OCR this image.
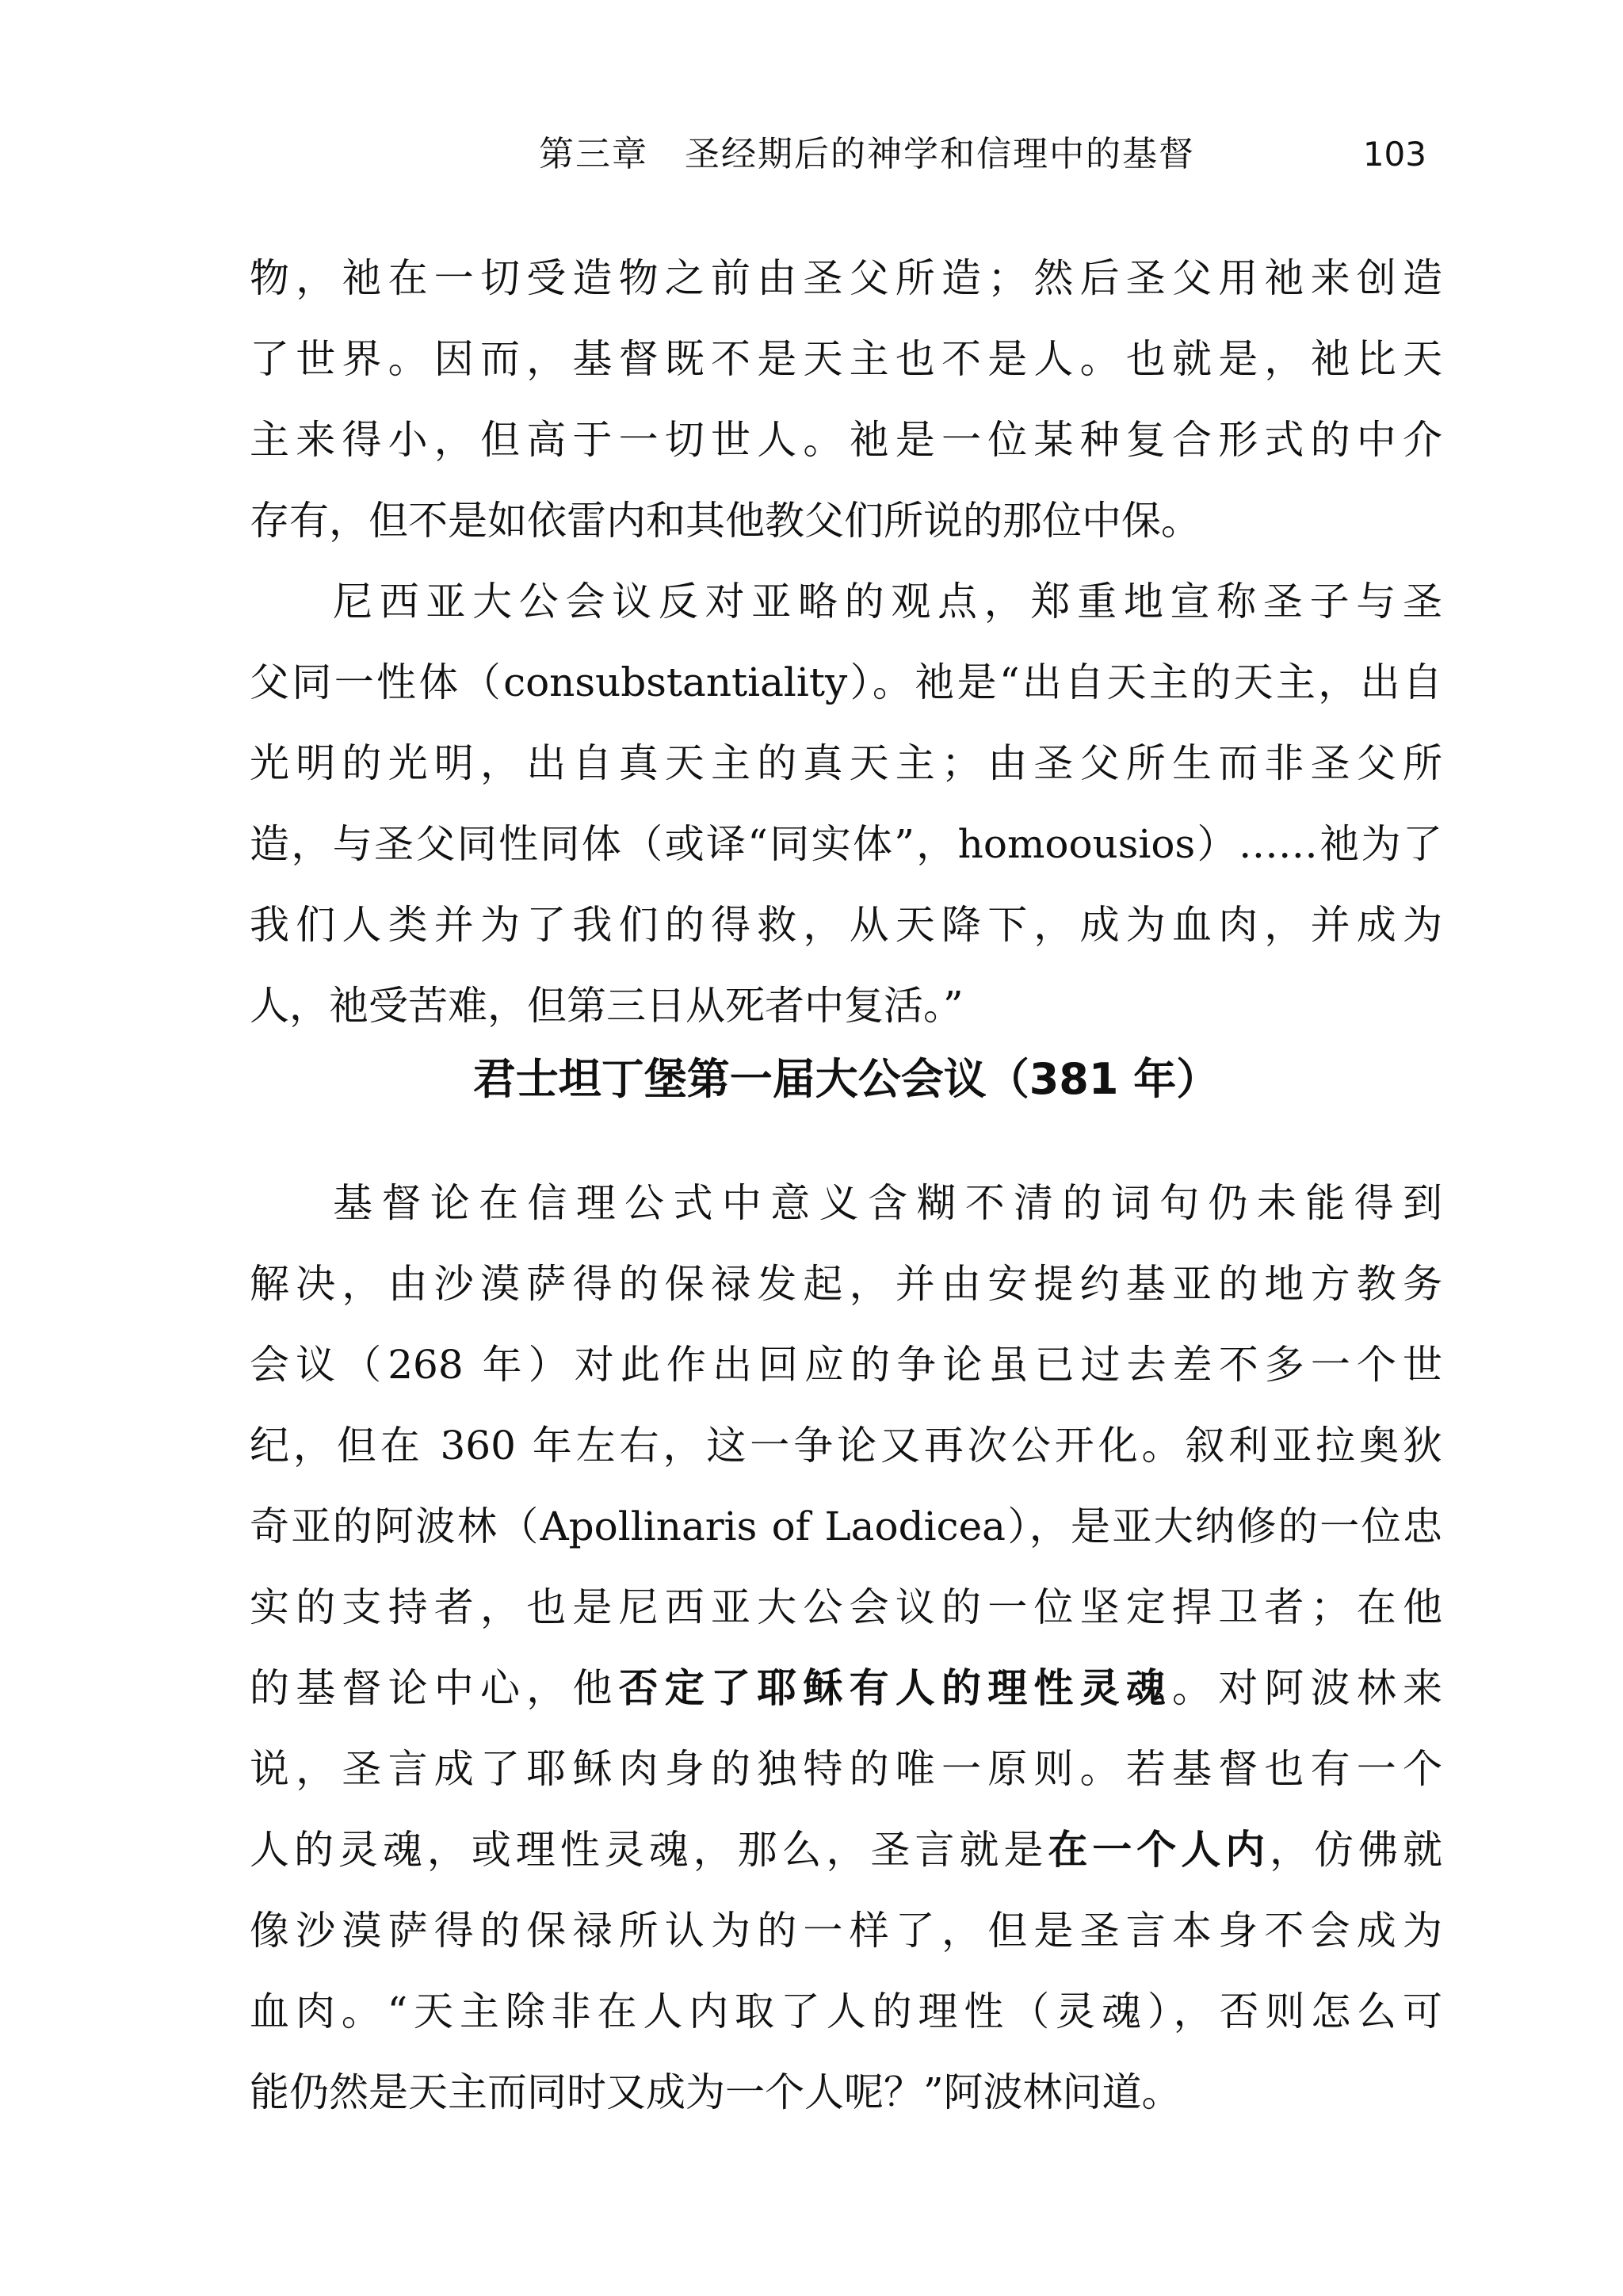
第三章　圣经期后的神学和信理中的基督	103
物，祂在一切受造物之前由圣父所造；然后圣父用祂来创造
了世界。因而，基督既不是天主也不是人。也就是，祂比天
主来得小，但高于一切世人。祂是一位某种复合形式的中介
存有，但不是如依雷内和其他教父们所说的那位中保。
尼西亚大公会议反对亚略的观点，郑重地宣称圣子与圣
父同一性体（consubstantiality）。祂是“出自天主的天主，出自
光明的光明，出自真天主的真天主；由圣父所生而非圣父所
造，与圣父同性同体（或译“同实体”，homoousios）……祂为了
我们人类并为了我们的得救，从天降下，成为血肉，并成为
人，祂受苦难，但第三日从死者中复活。”
君士坦丁堡第一届大公会议（381 年）
基督论在信理公式中意义含糊不清的词句仍未能得到
解决，由沙漠萨得的保禄发起，并由安提约基亚的地方教务
会议（268 年）对此作出回应的争论虽已过去差不多一个世
纪，但在 360 年左右，这一争论又再次公开化。叙利亚拉奥狄
奇亚的阿波林（Apollinaris of Laodicea），是亚大纳修的一位忠
实的支持者，也是尼西亚大公会议的一位坚定捍卫者；在他
的基督论中心，他否定了耶稣有人的理性灵魂。对阿波林来
说，圣言成了耶稣肉身的独特的唯一原则。若基督也有一个
人的灵魂，或理性灵魂，那么，圣言就是在一个人内，仿佛就
像沙漠萨得的保禄所认为的一样了，但是圣言本身不会成为
血肉。“天主除非在人内取了人的理性（灵魂），否则怎么可
能仍然是天主而同时又成为一个人呢？”阿波林问道。
